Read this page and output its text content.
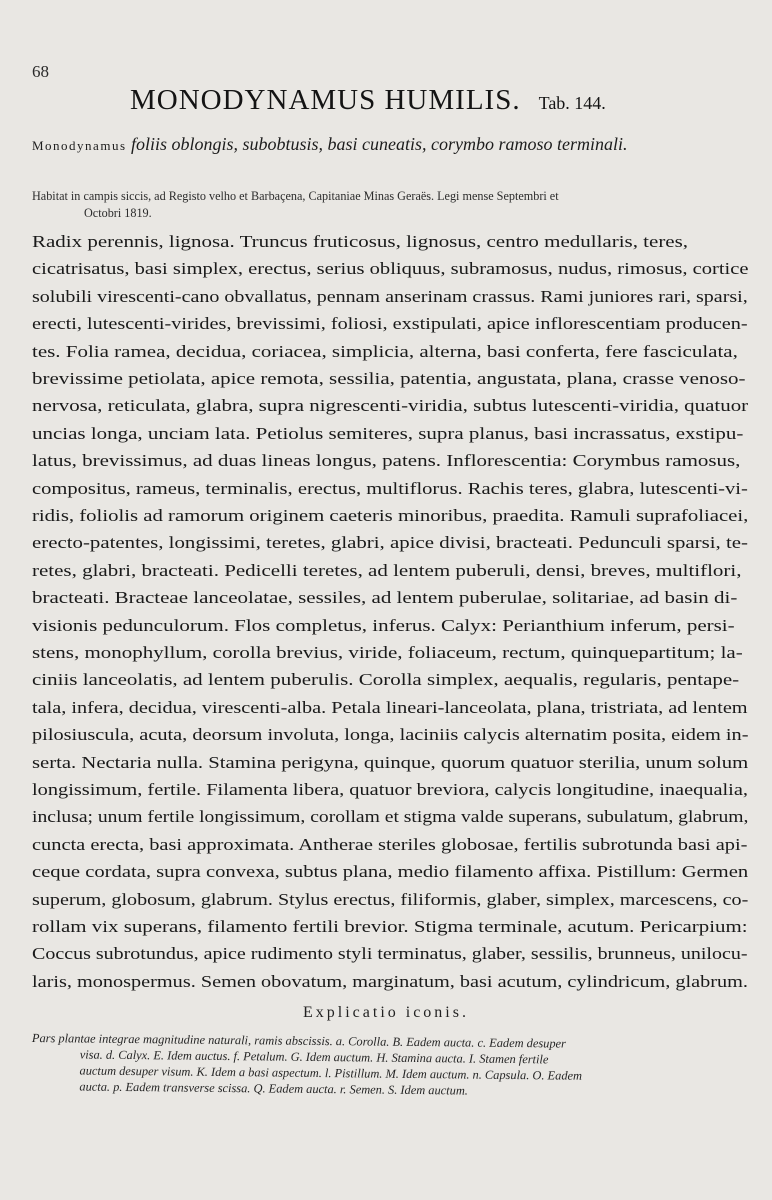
68
MONODYNAMUS HUMILIS. Tab. 144.
Monodynamus foliis oblongis, subobtusis, basi cuneatis, corymbo ramoso terminali.
Habitat in campis siccis, ad Registo velho et Barbaçena, Capitaniae Minas Geraës. Legi mense Septembri et
Octobri 1819.
Radix perennis, lignosa. Truncus fruticosus, lignosus, centro medullaris, teres,
cicatrisatus, basi simplex, erectus, serius obliquus, subramosus, nudus, rimosus, cortice
solubili virescenti-cano obvallatus, pennam anserinam crassus. Rami juniores rari, sparsi,
erecti, lutescenti-virides, brevissimi, foliosi, exstipulati, apice inflorescentiam producen-
tes. Folia ramea, decidua, coriacea, simplicia, alterna, basi conferta, fere fasciculata,
brevissime petiolata, apice remota, sessilia, patentia, angustata, plana, crasse venoso-
nervosa, reticulata, glabra, supra nigrescenti-viridia, subtus lutescenti-viridia, quatuor
uncias longa, unciam lata. Petiolus semiteres, supra planus, basi incrassatus, exstipu-
latus, brevissimus, ad duas lineas longus, patens. Inflorescentia: Corymbus ramosus,
compositus, rameus, terminalis, erectus, multiflorus. Rachis teres, glabra, lutescenti-vi-
ridis, foliolis ad ramorum originem caeteris minoribus, praedita. Ramuli suprafoliacei,
erecto-patentes, longissimi, teretes, glabri, apice divisi, bracteati. Pedunculi sparsi, te-
retes, glabri, bracteati. Pedicelli teretes, ad lentem puberuli, densi, breves, multiflori,
bracteati. Bracteae lanceolatae, sessiles, ad lentem puberulae, solitariae, ad basin di-
visionis pedunculorum. Flos completus, inferus. Calyx: Perianthium inferum, persi-
stens, monophyllum, corolla brevius, viride, foliaceum, rectum, quinquepartitum; la-
ciniis lanceolatis, ad lentem puberulis. Corolla simplex, aequalis, regularis, pentape-
tala, infera, decidua, virescenti-alba. Petala lineari-lanceolata, plana, tristriata, ad lentem
pilosiuscula, acuta, deorsum involuta, longa, laciniis calycis alternatim posita, eidem in-
serta. Nectaria nulla. Stamina perigyna, quinque, quorum quatuor sterilia, unum solum
longissimum, fertile. Filamenta libera, quatuor breviora, calycis longitudine, inaequalia,
inclusa; unum fertile longissimum, corollam et stigma valde superans, subulatum, glabrum,
cuncta erecta, basi approximata. Antherae steriles globosae, fertilis subrotunda basi api-
ceque cordata, supra convexa, subtus plana, medio filamento affixa. Pistillum: Germen
superum, globosum, glabrum. Stylus erectus, filiformis, glaber, simplex, marcescens, co-
rollam vix superans, filamento fertili brevior. Stigma terminale, acutum. Pericarpium:
Coccus subrotundus, apice rudimento styli terminatus, glaber, sessilis, brunneus, unilocu-
laris, monospermus. Semen obovatum, marginatum, basi acutum, cylindricum, glabrum.
Explicatio iconis.
Pars plantae integrae magnitudine naturali, ramis abscissis. a. Corolla. B. Eadem aucta. c. Eadem desuper
visa. d. Calyx. E. Idem auctus. f. Petalum. G. Idem auctum. H. Stamina aucta. I. Stamen fertile
auctum desuper visum. K. Idem a basi aspectum. l. Pistillum. M. Idem auctum. n. Capsula. O. Eadem
aucta. p. Eadem transverse scissa. Q. Eadem aucta. r. Semen. S. Idem auctum.
